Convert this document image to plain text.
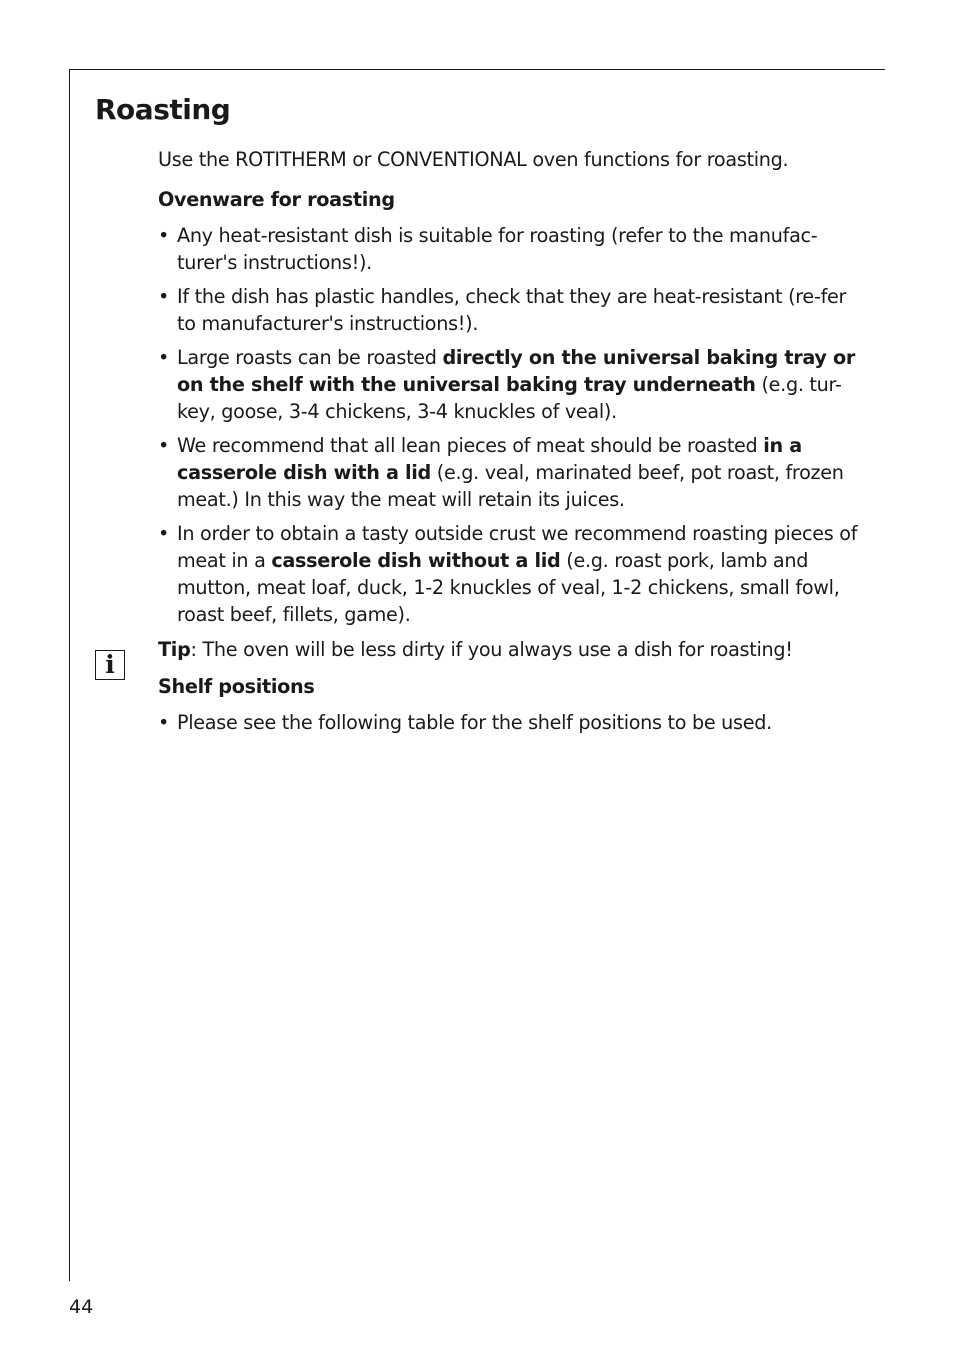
Roasting
i

Use the ROTITHERM or CONVENTIONAL oven functions for roasting.

Ovenware for roasting

• Any heat-resistant dish is suitable for roasting (refer to the manufac-turer's instructions!).
• If the dish has plastic handles, check that they are heat-resistant (re-fer to manufacturer's instructions!).
• Large roasts can be roasted directly on the universal baking tray or on the shelf with the universal baking tray underneath (e.g. tur-key, goose, 3-4 chickens, 3-4 knuckles of veal).
• We recommend that all lean pieces of meat should be roasted in a casserole dish with a lid (e.g. veal, marinated beef, pot roast, frozen meat.) In this way the meat will retain its juices.
• In order to obtain a tasty outside crust we recommend roasting pieces of meat in a casserole dish without a lid (e.g. roast pork, lamb and mutton, meat loaf, duck, 1-2 knuckles of veal, 1-2 chickens, small fowl, roast beef, fillets, game).

Tip: The oven will be less dirty if you always use a dish for roasting!

Shelf positions

• Please see the following table for the shelf positions to be used.
44
